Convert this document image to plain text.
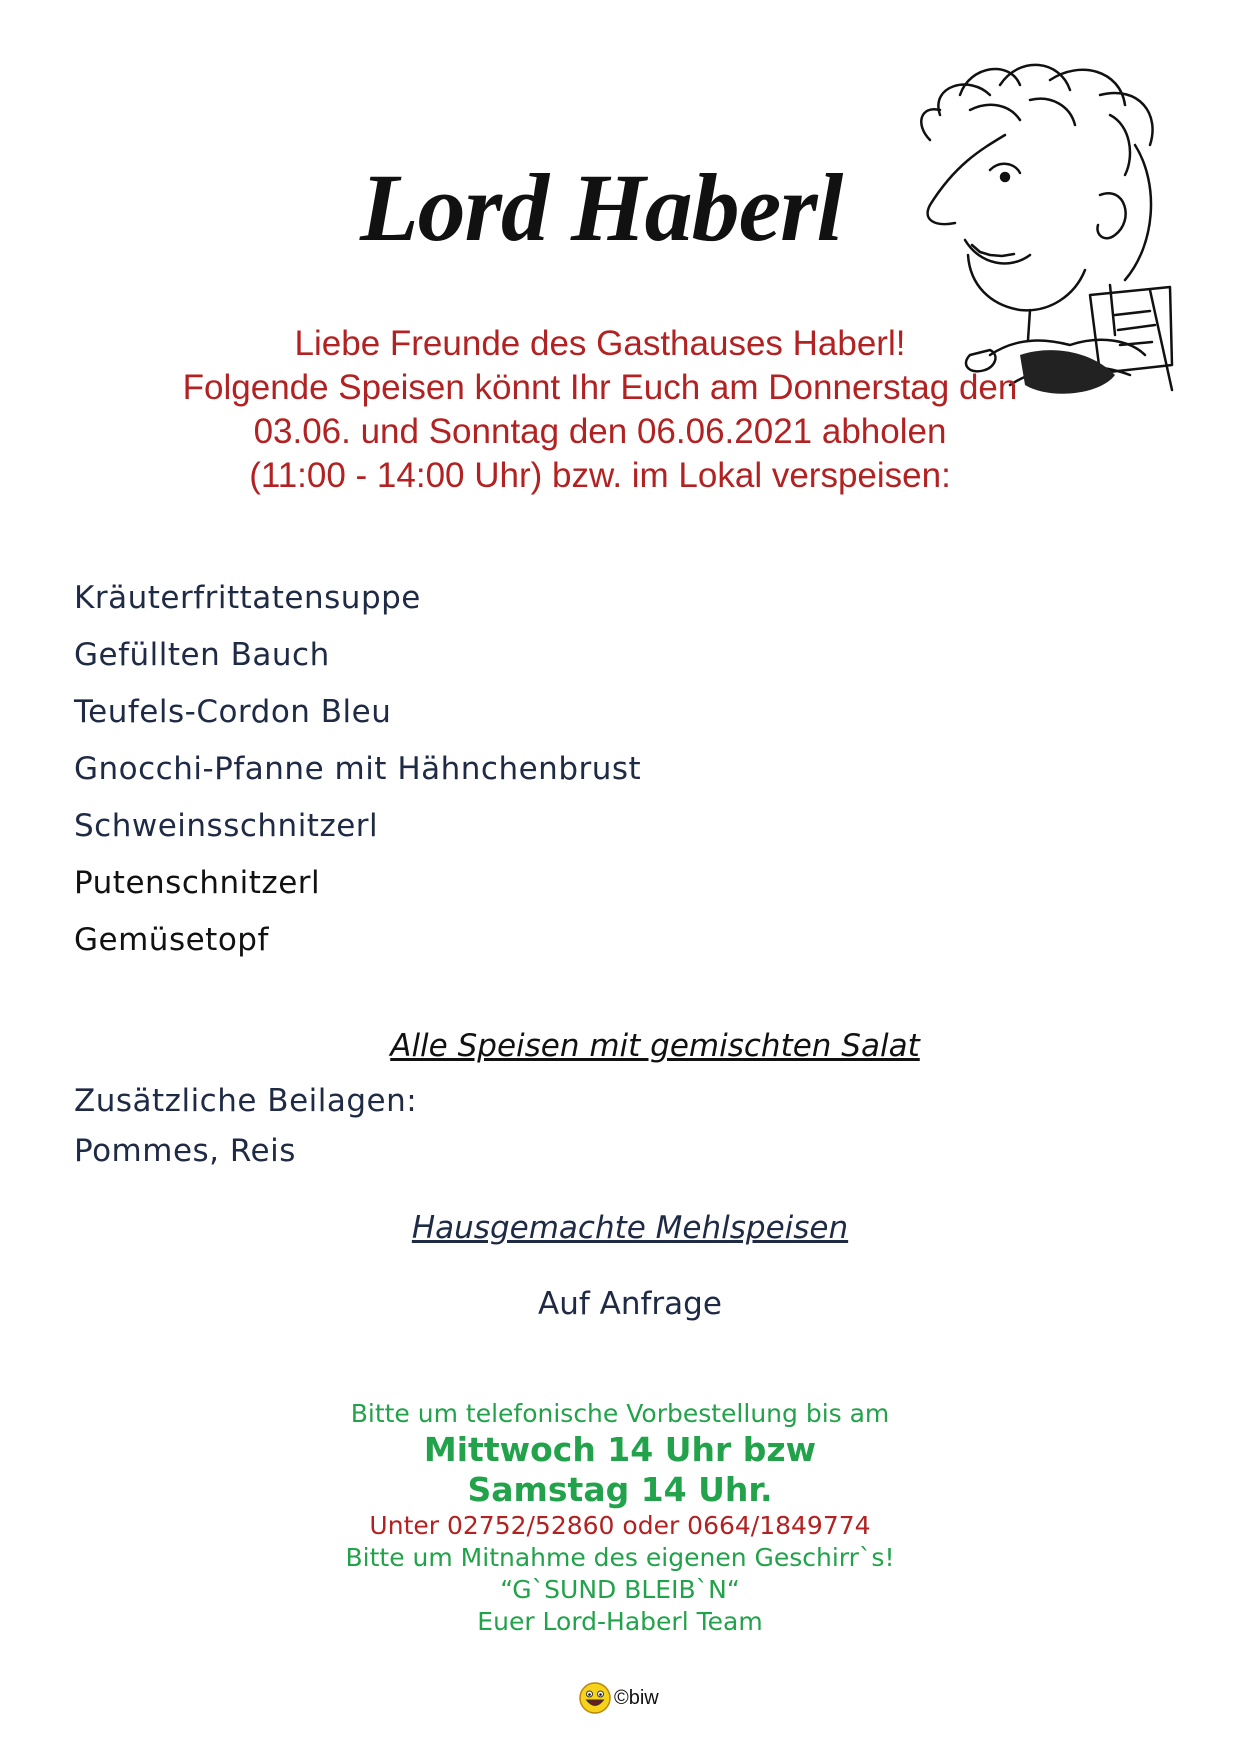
Lord Haberl
Liebe Freunde des Gasthauses Haberl!
Folgende Speisen könnt Ihr Euch am Donnerstag den
03.06. und Sonntag den 06.06.2021 abholen
(11:00 - 14:00 Uhr) bzw. im Lokal verspeisen:
Kräuterfrittatensuppe
Gefüllten Bauch
Teufels-Cordon Bleu
Gnocchi-Pfanne mit Hähnchenbrust
Schweinsschnitzerl
Putenschnitzerl
Gemüsetopf
Alle Speisen mit gemischten Salat
Zusätzliche Beilagen:
Pommes, Reis
Hausgemachte Mehlspeisen
Auf Anfrage
Bitte um telefonische Vorbestellung bis am
Mittwoch 14 Uhr bzw
Samstag 14 Uhr.
Unter 02752/52860 oder 0664/1849774
Bitte um Mitnahme des eigenen Geschirr`s!
“G`SUND BLEIB`N“
Euer Lord-Haberl Team
©biw
